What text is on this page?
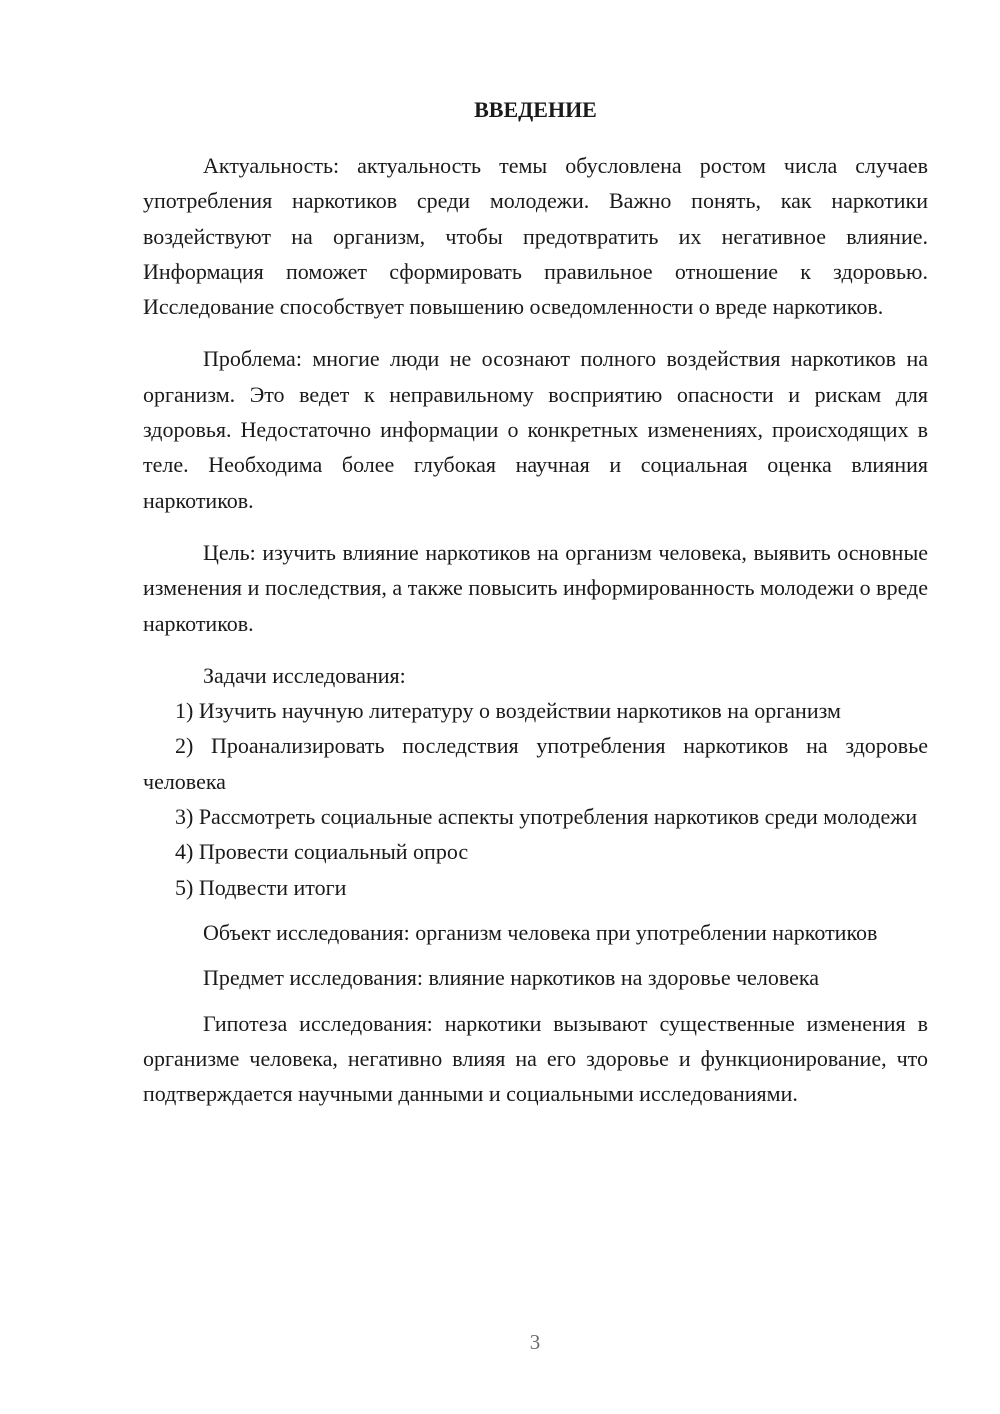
ВВЕДЕНИЕ

Актуальность: актуальность темы обусловлена ростом числа случаев употребления наркотиков среди молодежи. Важно понять, как наркотики воздействуют на организм, чтобы предотвратить их негативное влияние. Информация поможет сформировать правильное отношение к здоровью. Исследование способствует повышению осведомленности о вреде наркотиков.

Проблема: многие люди не осознают полного воздействия наркотиков на организм. Это ведет к неправильному восприятию опасности и рискам для здоровья. Недостаточно информации о конкретных изменениях, происходящих в теле. Необходима более глубокая научная и социальная оценка влияния наркотиков.

Цель: изучить влияние наркотиков на организм человека, выявить основные изменения и последствия, а также повысить информированность молодежи о вреде наркотиков.

Задачи исследования:

1) Изучить научную литературу о воздействии наркотиков на организм

2) Проанализировать последствия употребления наркотиков на здоровье человека

3) Рассмотреть социальные аспекты употребления наркотиков среди молодежи

4) Провести социальный опрос

5) Подвести итоги

Объект исследования: организм человека при употреблении наркотиков

Предмет исследования: влияние наркотиков на здоровье человека

Гипотеза исследования: наркотики вызывают существенные изменения в организме человека, негативно влияя на его здоровье и функционирование, что подтверждается научными данными и социальными исследованиями.

3
